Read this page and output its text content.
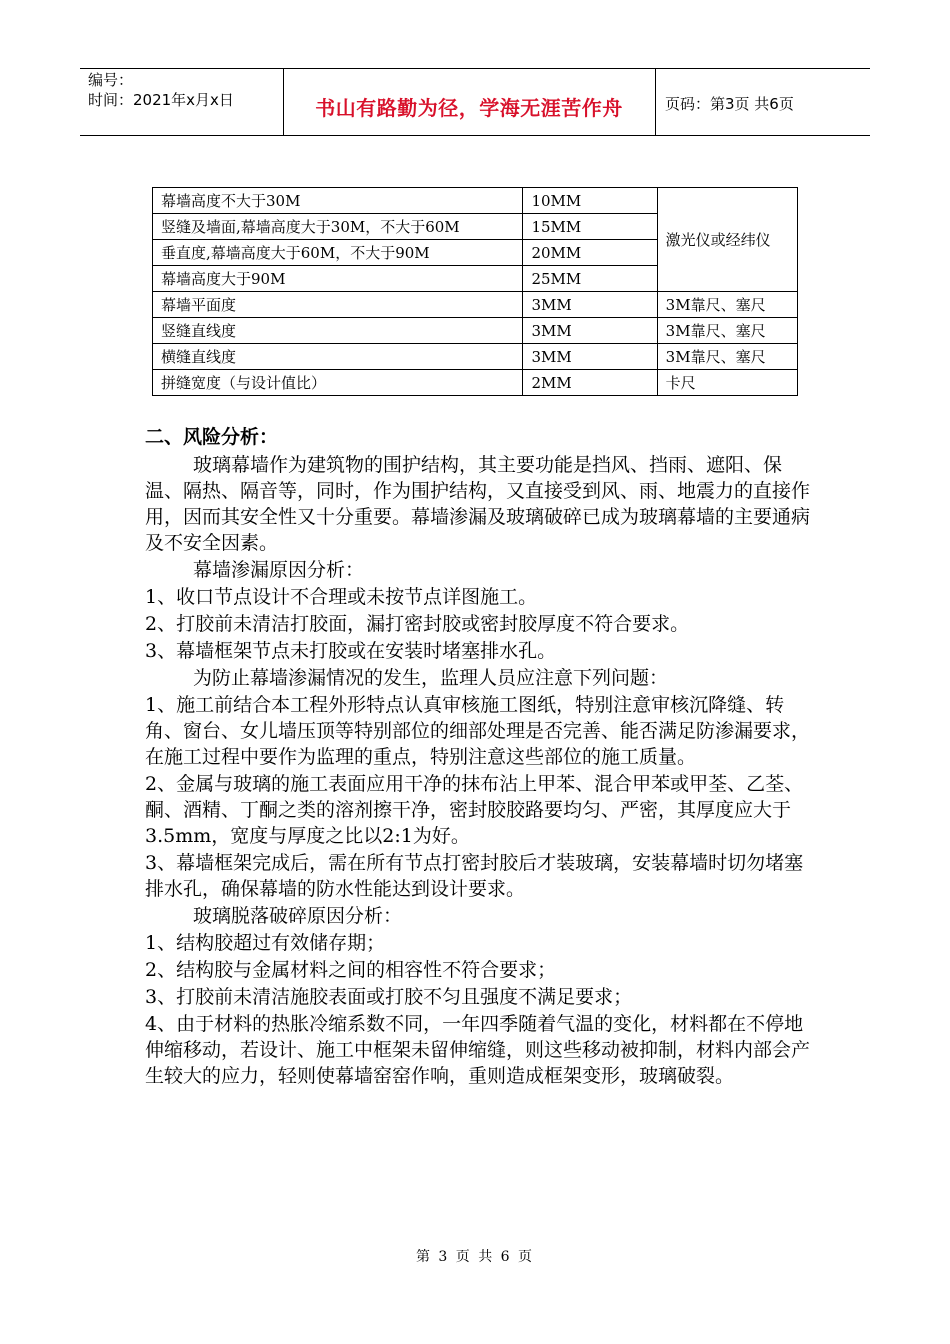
编号：
时间：2021年x月x日	书山有路勤为径，学海无涯苦作舟	页码：第3页 共6页
幕墙高度不大于30M	10MM	激光仪或经纬仪
竖缝及墙面,幕墙高度大于30M，不大于60M	15MM	
垂直度,幕墙高度大于60M，不大于90M	20MM	
幕墙高度大于90M	25MM	
幕墙平面度	3MM	3M靠尺、塞尺
竖缝直线度	3MM	3M靠尺、塞尺
横缝直线度	3MM	3M靠尺、塞尺
拼缝宽度（与设计值比）	2MM	卡尺

二、风险分析：

玻璃幕墙作为建筑物的围护结构，其主要功能是挡风、挡雨、遮阳、保温、隔热、隔音等，同时，作为围护结构，又直接受到风、雨、地震力的直接作用，因而其安全性又十分重要。幕墙渗漏及玻璃破碎已成为玻璃幕墙的主要通病及不安全因素。

幕墙渗漏原因分析：

1、收口节点设计不合理或未按节点详图施工。

2、打胶前未清洁打胶面，漏打密封胶或密封胶厚度不符合要求。

3、幕墙框架节点未打胶或在安装时堵塞排水孔。

为防止幕墙渗漏情况的发生，监理人员应注意下列问题：

1、施工前结合本工程外形特点认真审核施工图纸，特别注意审核沉降缝、转角、窗台、女儿墙压顶等特别部位的细部处理是否完善、能否满足防渗漏要求，在施工过程中要作为监理的重点，特别注意这些部位的施工质量。

2、金属与玻璃的施工表面应用干净的抹布沾上甲苯、混合甲苯或甲荃、乙荃、酮、酒精、丁酮之类的溶剂擦干净，密封胶胶路要均匀、严密，其厚度应大于3.5mm，宽度与厚度之比以2:1为好。

3、幕墙框架完成后，需在所有节点打密封胶后才装玻璃，安装幕墙时切勿堵塞排水孔，确保幕墙的防水性能达到设计要求。

玻璃脱落破碎原因分析：

1、结构胶超过有效储存期；

2、结构胶与金属材料之间的相容性不符合要求；

3、打胶前未清洁施胶表面或打胶不匀且强度不满足要求；

4、由于材料的热胀冷缩系数不同，一年四季随着气温的变化，材料都在不停地伸缩移动，若设计、施工中框架未留伸缩缝，则这些移动被抑制，材料内部会产生较大的应力，轻则使幕墙窑窑作响，重则造成框架变形，玻璃破裂。

第 3 页 共 6 页
